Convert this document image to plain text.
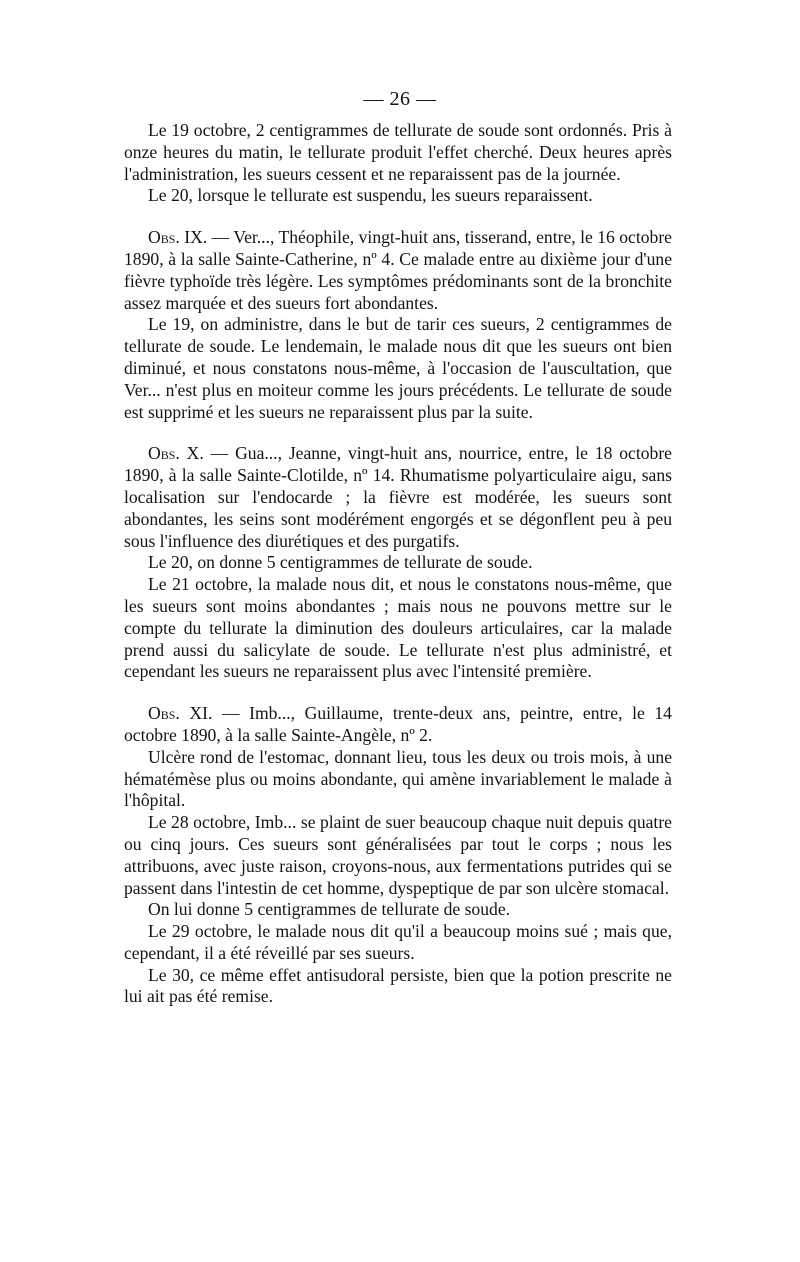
— 26 —

Le 19 octobre, 2 centigrammes de tellurate de soude sont ordonnés. Pris à onze heures du matin, le tellurate produit l'effet cherché. Deux heures après l'administration, les sueurs cessent et ne reparaissent pas de la journée.

Le 20, lorsque le tellurate est suspendu, les sueurs reparaissent.

Obs. IX. — Ver..., Théophile, vingt-huit ans, tisserand, entre, le 16 octobre 1890, à la salle Sainte-Catherine, nº 4. Ce malade entre au dixième jour d'une fièvre typhoïde très légère. Les symptômes prédominants sont de la bronchite assez marquée et des sueurs fort abondantes.

Le 19, on administre, dans le but de tarir ces sueurs, 2 centigrammes de tellurate de soude. Le lendemain, le malade nous dit que les sueurs ont bien diminué, et nous constatons nous-même, à l'occasion de l'auscultation, que Ver... n'est plus en moiteur comme les jours précédents. Le tellurate de soude est supprimé et les sueurs ne reparaissent plus par la suite.

Obs. X. — Gua..., Jeanne, vingt-huit ans, nourrice, entre, le 18 octobre 1890, à la salle Sainte-Clotilde, nº 14. Rhumatisme polyarticulaire aigu, sans localisation sur l'endocarde ; la fièvre est modérée, les sueurs sont abondantes, les seins sont modérément engorgés et se dégonflent peu à peu sous l'influence des diurétiques et des purgatifs.

Le 20, on donne 5 centigrammes de tellurate de soude.

Le 21 octobre, la malade nous dit, et nous le constatons nous-même, que les sueurs sont moins abondantes ; mais nous ne pouvons mettre sur le compte du tellurate la diminution des douleurs articulaires, car la malade prend aussi du salicylate de soude. Le tellurate n'est plus administré, et cependant les sueurs ne reparaissent plus avec l'intensité première.

Obs. XI. — Imb..., Guillaume, trente-deux ans, peintre, entre, le 14 octobre 1890, à la salle Sainte-Angèle, nº 2.

Ulcère rond de l'estomac, donnant lieu, tous les deux ou trois mois, à une hématémèse plus ou moins abondante, qui amène invariablement le malade à l'hôpital.

Le 28 octobre, Imb... se plaint de suer beaucoup chaque nuit depuis quatre ou cinq jours. Ces sueurs sont généralisées par tout le corps ; nous les attribuons, avec juste raison, croyons-nous, aux fermentations putrides qui se passent dans l'intestin de cet homme, dyspeptique de par son ulcère stomacal.

On lui donne 5 centigrammes de tellurate de soude.

Le 29 octobre, le malade nous dit qu'il a beaucoup moins sué ; mais que, cependant, il a été réveillé par ses sueurs.

Le 30, ce même effet antisudoral persiste, bien que la potion prescrite ne lui ait pas été remise.
